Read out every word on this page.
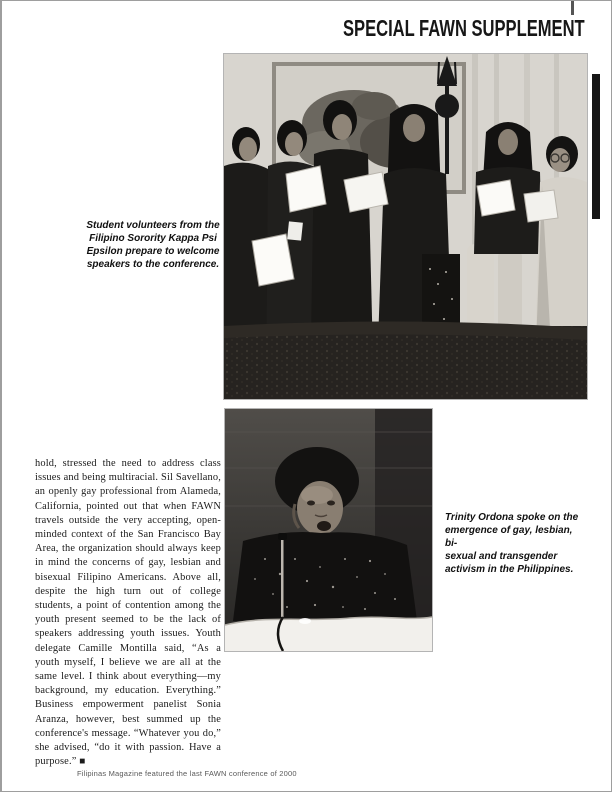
SPECIAL FAWN SUPPLEMENT
Student volunteers from the
Filipino Sorority Kappa Psi
Epsilon prepare to welcome
speakers to the conference.

hold, stressed the need to address class issues and being multiracial. Sil Savellano, an openly gay professional from Alameda, California, pointed out that when FAWN travels outside the very accepting, open-minded context of the San Francisco Bay Area, the organization should always keep in mind the concerns of gay, lesbian and bisexual Filipino Americans. Above all, despite the high turn out of college students, a point of contention among the youth present seemed to be the lack of speakers addressing youth issues. Youth delegate Camille Montilla said, “As a youth myself, I believe we are all at the same level. I think about everything—my background, my education. Everything.” Business empowerment panelist Sonia Aranza, however, best summed up the conference's message. “Whatever you do,” she advised, “do it with passion. Have a purpose.” ■

Trinity Ordona spoke on the
emergence of gay, lesbian, bi-
sexual and transgender
activism in the Philippines.
Filipinas Magazine featured the last FAWN conference of 2000
